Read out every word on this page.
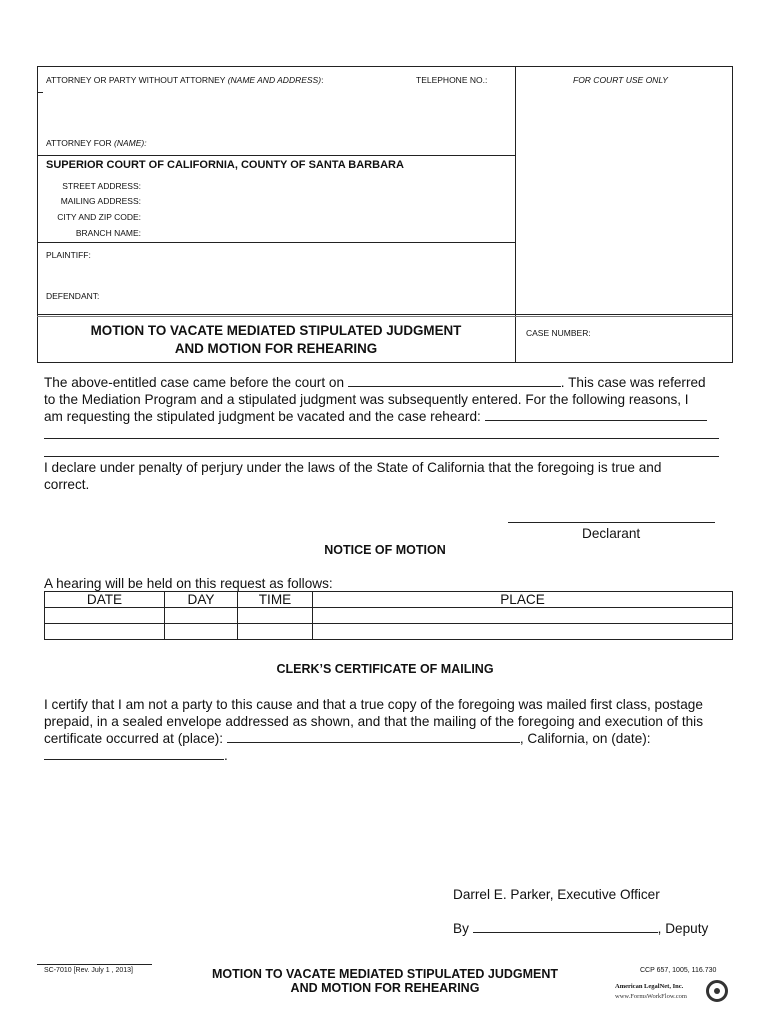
ATTORNEY OR PARTY WITHOUT ATTORNEY (NAME AND ADDRESS):	TELEPHONE NO.:	FOR COURT USE ONLY
ATTORNEY FOR (NAME):
SUPERIOR COURT OF CALIFORNIA, COUNTY OF SANTA BARBARA
STREET ADDRESS:
MAILING ADDRESS:
CITY AND ZIP CODE:
BRANCH NAME:
PLAINTIFF:
DEFENDANT:
MOTION TO VACATE MEDIATED STIPULATED JUDGMENT
AND MOTION FOR REHEARING
CASE NUMBER:
The above-entitled case came before the court on	. This case was referred
to the Mediation Program and a stipulated judgment was subsequently entered. For the following reasons, I
am requesting the stipulated judgment be vacated and the case reheard:
I declare under penalty of perjury under the laws of the State of California that the foregoing is true and
correct.
Declarant
NOTICE OF MOTION
A hearing will be held on this request as follows:
DATE	DAY	TIME	PLACE

CLERK’S CERTIFICATE OF MAILING
I certify that I am not a party to this cause and that a true copy of the foregoing was mailed first class, postage
prepaid, in a sealed envelope addressed as shown, and that the mailing of the foregoing and execution of this
certificate occurred at (place):	, California, on (date):
.
Darrel E. Parker, Executive Officer
By	, Deputy
SC-7010 [Rev. July 1 , 2013]	MOTION TO VACATE MEDIATED STIPULATED JUDGMENT
AND MOTION FOR REHEARING
CCP 657, 1005, 116.730
American LegalNet, Inc.
www.FormsWorkFlow.com
